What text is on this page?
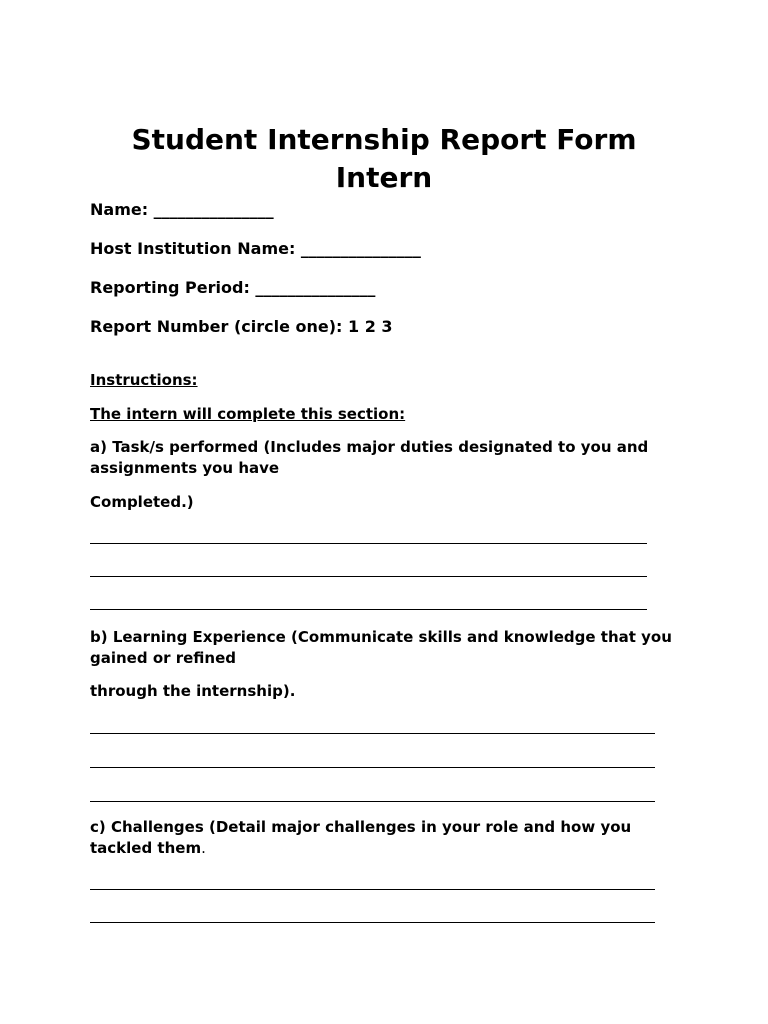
Student Internship Report Form
Intern

Name: _______________

Host Institution Name: _______________

Reporting Period: _______________

Report Number (circle one): 1 2 3

Instructions:

The intern will complete this section:

a) Task/s performed (Includes major duties designated to you and assignments you have

Completed.)

b) Learning Experience (Communicate skills and knowledge that you gained or refined

through the internship).

c) Challenges (Detail major challenges in your role and how you tackled them.
